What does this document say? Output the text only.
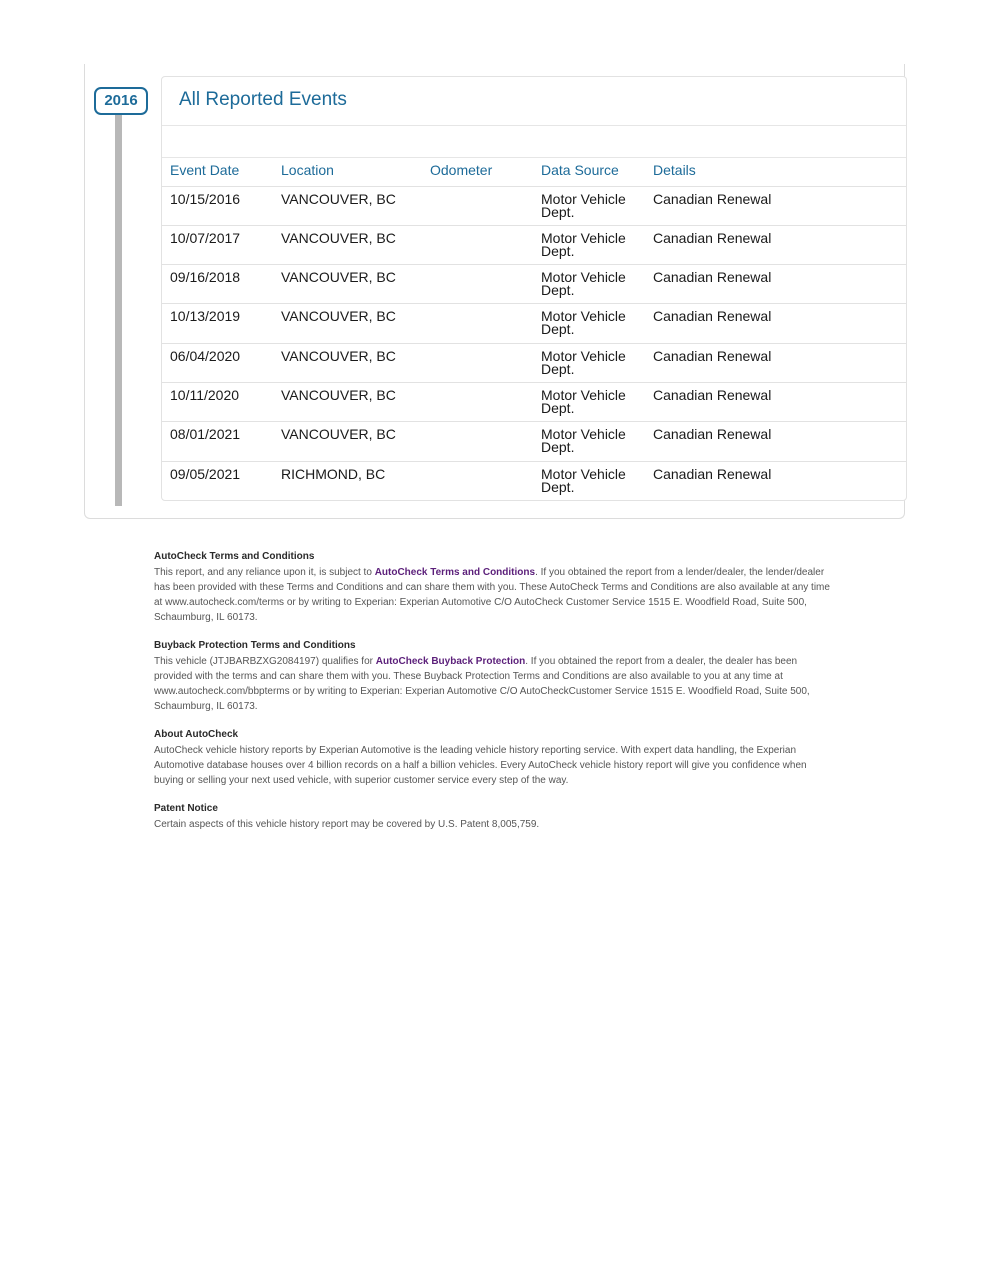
2016	All Reported Events
Event Date	Location	Odometer	Data Source	Details
10/15/2016	VANCOUVER, BC		Motor Vehicle Dept.	Canadian Renewal
10/07/2017	VANCOUVER, BC		Motor Vehicle Dept.	Canadian Renewal
09/16/2018	VANCOUVER, BC		Motor Vehicle Dept.	Canadian Renewal
10/13/2019	VANCOUVER, BC		Motor Vehicle Dept.	Canadian Renewal
06/04/2020	VANCOUVER, BC		Motor Vehicle Dept.	Canadian Renewal
10/11/2020	VANCOUVER, BC		Motor Vehicle Dept.	Canadian Renewal
08/01/2021	VANCOUVER, BC		Motor Vehicle Dept.	Canadian Renewal
09/05/2021	RICHMOND, BC		Motor Vehicle Dept.	Canadian Renewal
AutoCheck Terms and Conditions

This report, and any reliance upon it, is subject to AutoCheck Terms and Conditions. If you obtained the report from a lender/dealer, the lender/dealer has been provided with these Terms and Conditions and can share them with you. These AutoCheck Terms and Conditions are also available at any time at www.autocheck.com/terms or by writing to Experian: Experian Automotive C/O AutoCheck Customer Service 1515 E. Woodfield Road, Suite 500, Schaumburg, IL 60173.

Buyback Protection Terms and Conditions

This vehicle (JTJBARBZXG2084197) qualifies for AutoCheck Buyback Protection. If you obtained the report from a dealer, the dealer has been provided with the terms and can share them with you. These Buyback Protection Terms and Conditions are also available to you at any time at www.autocheck.com/bbpterms or by writing to Experian: Experian Automotive C/O AutoCheckCustomer Service 1515 E. Woodfield Road, Suite 500, Schaumburg, IL 60173.

About AutoCheck

AutoCheck vehicle history reports by Experian Automotive is the leading vehicle history reporting service. With expert data handling, the Experian Automotive database houses over 4 billion records on a half a billion vehicles. Every AutoCheck vehicle history report will give you confidence when buying or selling your next used vehicle, with superior customer service every step of the way.

Patent Notice

Certain aspects of this vehicle history report may be covered by U.S. Patent 8,005,759.
